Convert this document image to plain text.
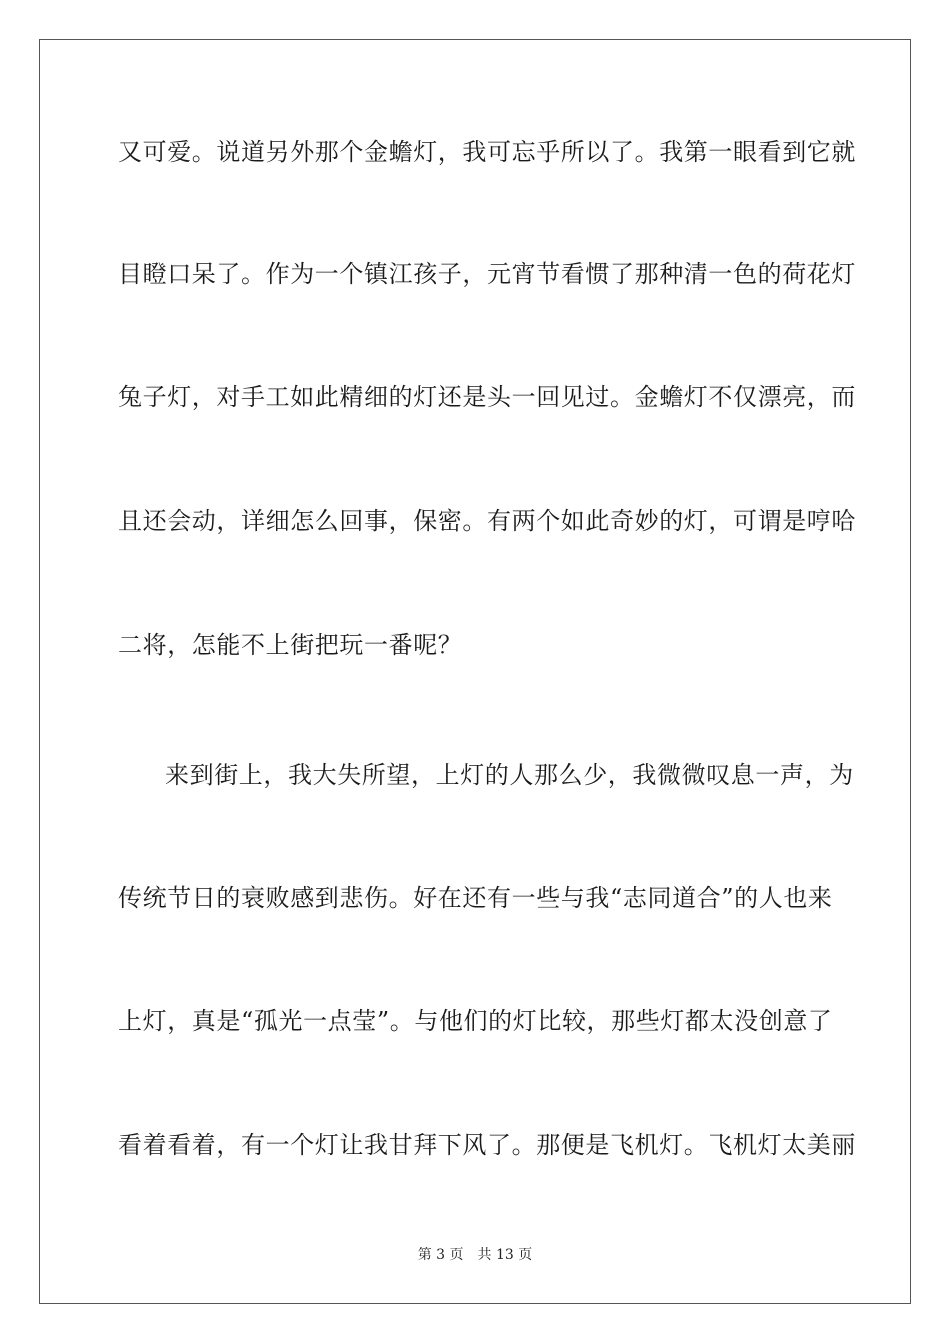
又可爱。说道另外那个金蟾灯，我可忘乎所以了。我第一眼看到它就
目瞪口呆了。作为一个镇江孩子，元宵节看惯了那种清一色的荷花灯
兔子灯，对手工如此精细的灯还是头一回见过。金蟾灯不仅漂亮，而
且还会动，详细怎么回事，保密。有两个如此奇妙的灯，可谓是哼哈
二将，怎能不上街把玩一番呢？
来到街上，我大失所望，上灯的人那么少，我微微叹息一声，为
传统节日的衰败感到悲伤。好在还有一些与我“志同道合”的人也来
上灯，真是“孤光一点莹”。与他们的灯比较，那些灯都太没创意了
看着看着，有一个灯让我甘拜下风了。那便是飞机灯。飞机灯太美丽
第 3 页 共 13 页
